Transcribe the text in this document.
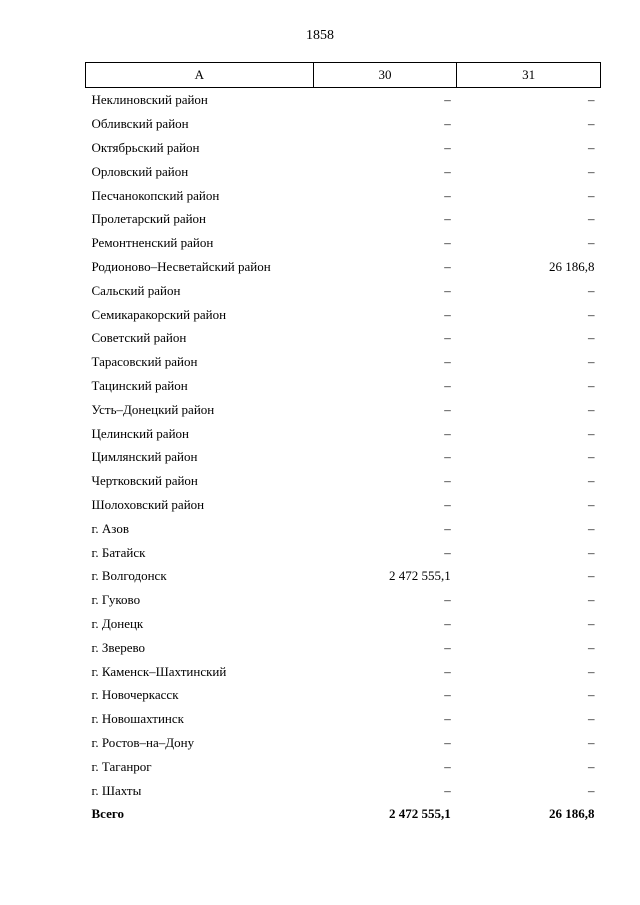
1858
А	30	31
Неклиновский район	–	–
Обливский район	–	–
Октябрьский район	–	–
Орловский район	–	–
Песчанокопский район	–	–
Пролетарский район	–	–
Ремонтненский район	–	–
Родионово–Несветайский район	–	26 186,8
Сальский район	–	–
Семикаракорский район	–	–
Советский район	–	–
Тарасовский район	–	–
Тацинский район	–	–
Усть–Донецкий район	–	–
Целинский район	–	–
Цимлянский район	–	–
Чертковский район	–	–
Шолоховский район	–	–
г. Азов	–	–
г. Батайск	–	–
г. Волгодонск	2 472 555,1	–
г. Гуково	–	–
г. Донецк	–	–
г. Зверево	–	–
г. Каменск–Шахтинский	–	–
г. Новочеркасск	–	–
г. Новошахтинск	–	–
г. Ростов–на–Дону	–	–
г. Таганрог	–	–
г. Шахты	–	–
Всего	2 472 555,1	26 186,8
